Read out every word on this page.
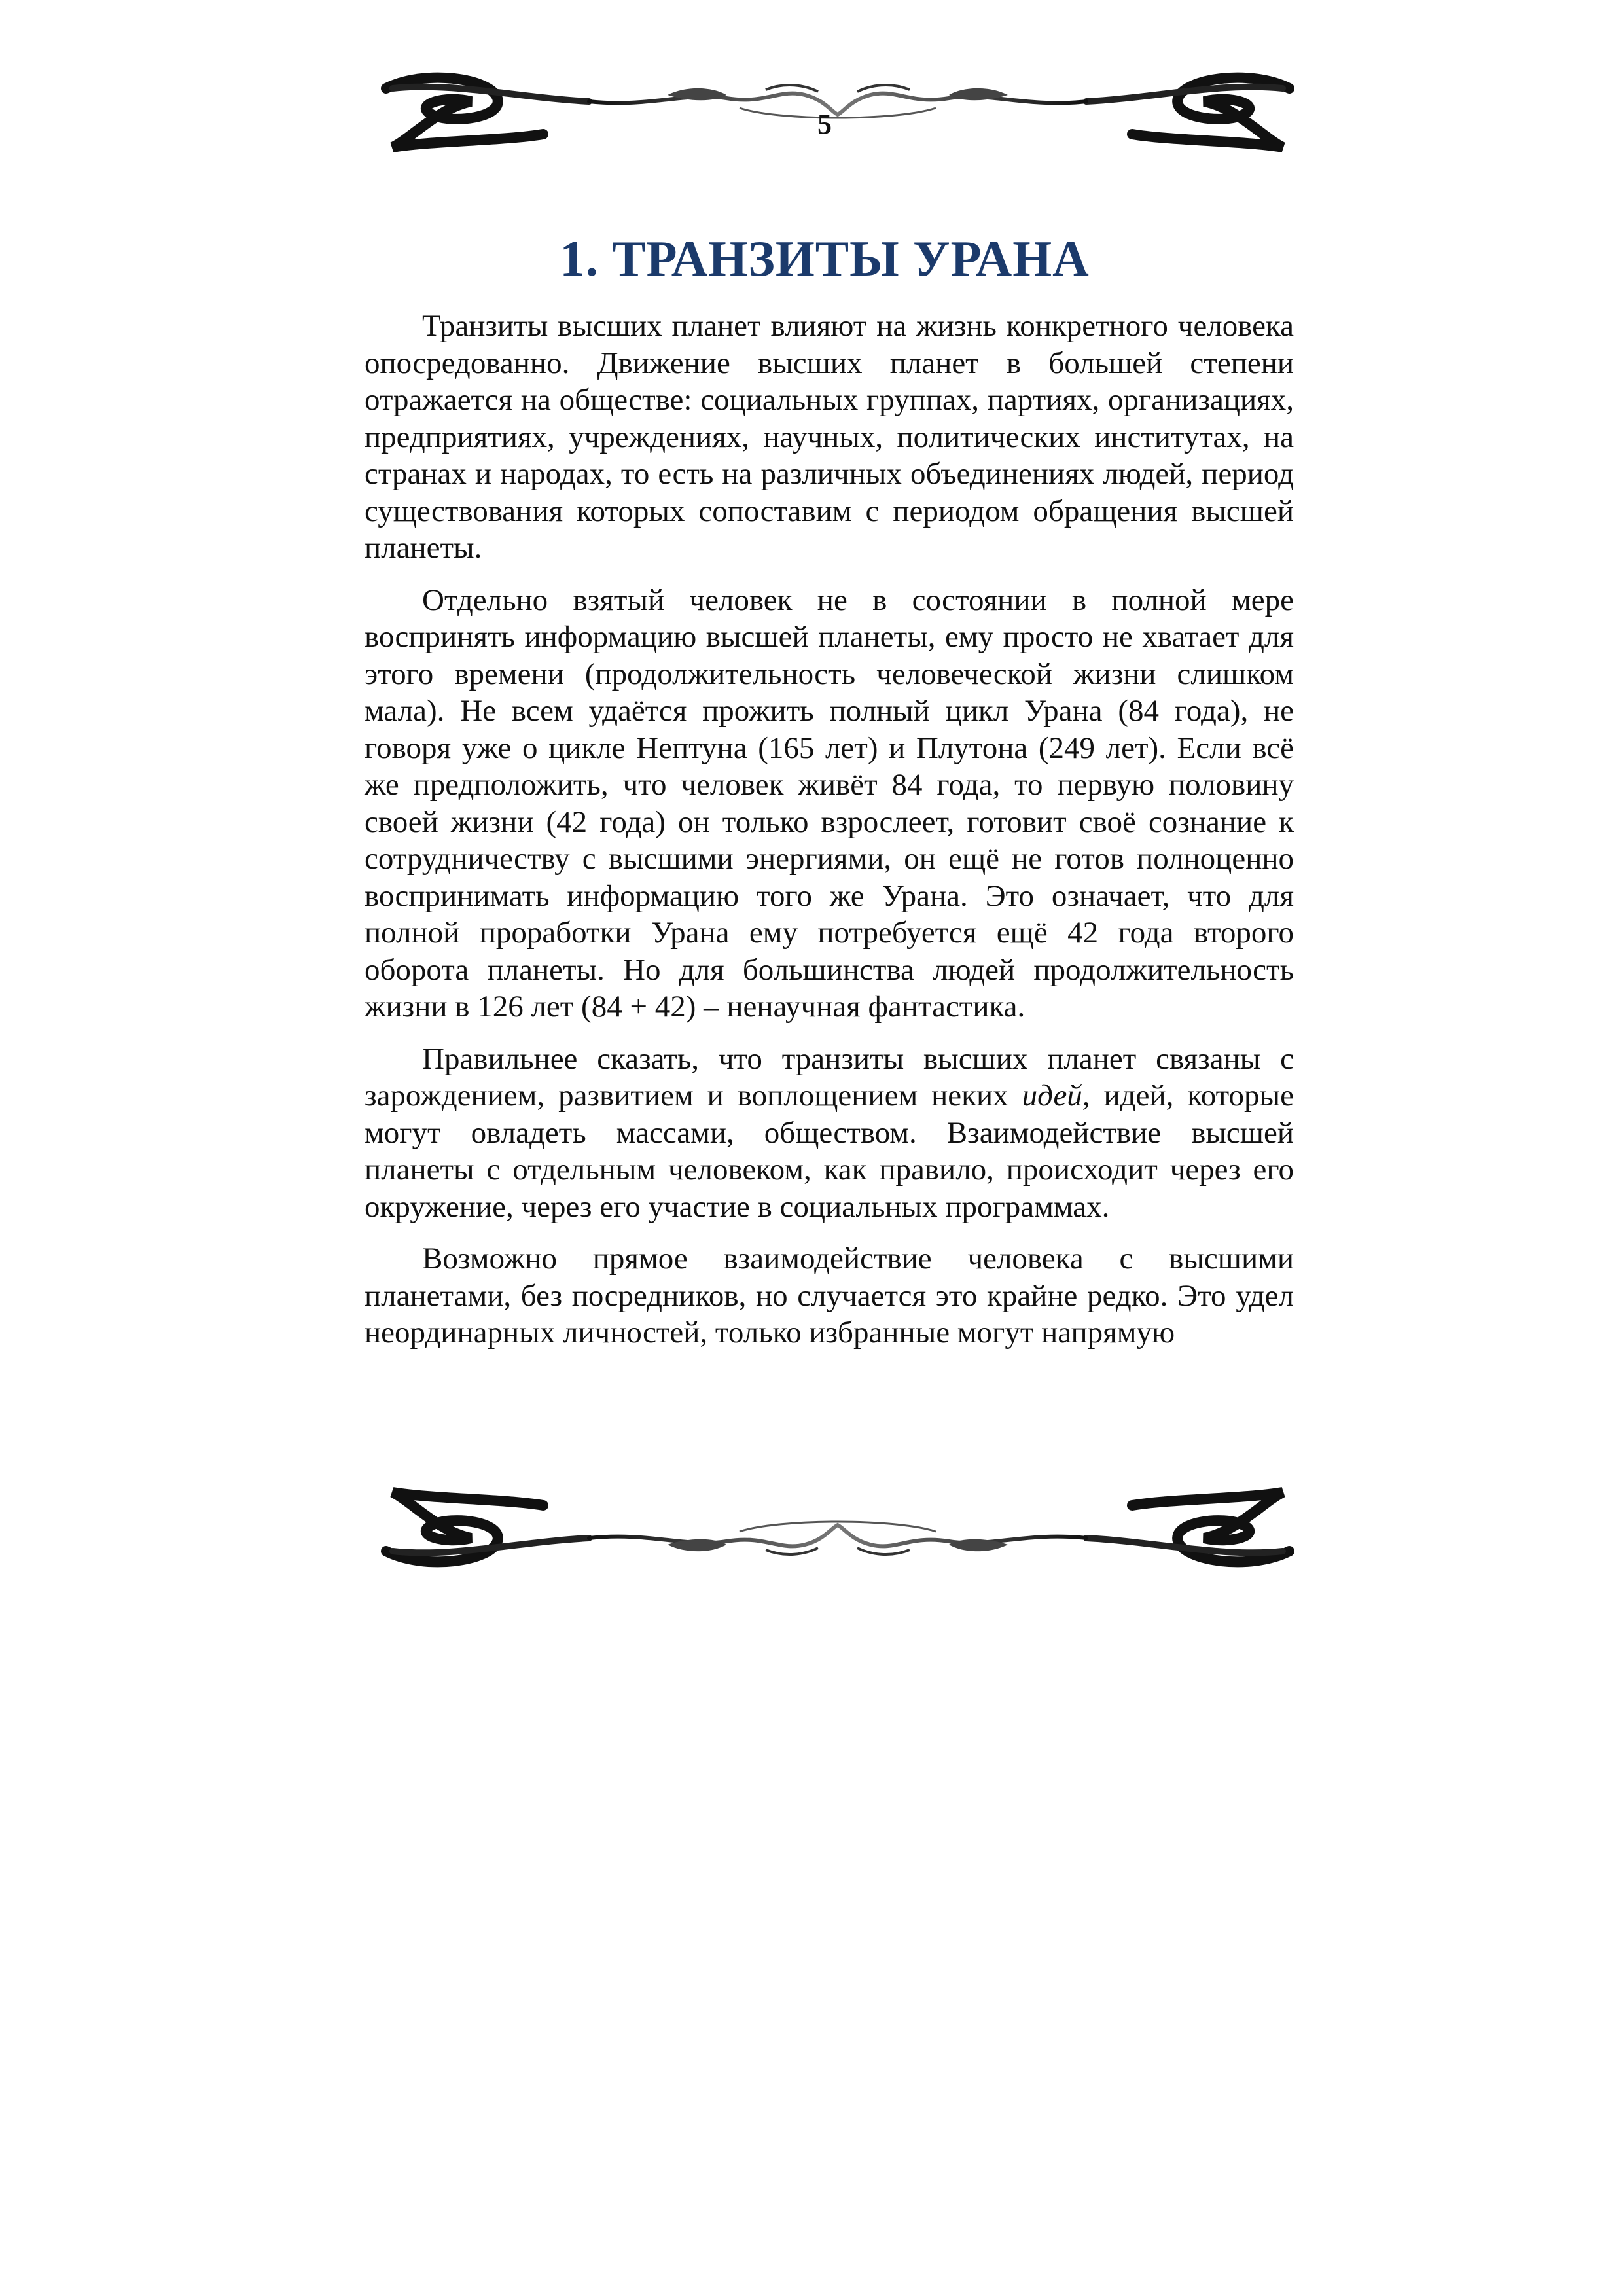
5
1. ТРАНЗИТЫ УРАНА

Транзиты высших планет влияют на жизнь конкретного человека опосредованно. Движение высших планет в большей степени отражается на обществе: социальных группах, партиях, организациях, предприятиях, учреждениях, научных, политических институтах, на странах и народах, то есть на различных объединениях людей, период существования которых сопоставим с периодом обращения высшей планеты.

Отдельно взятый человек не в состоянии в полной мере воспринять информацию высшей планеты, ему просто не хватает для этого времени (продолжительность человеческой жизни слишком мала). Не всем удаётся прожить полный цикл Урана (84 года), не говоря уже о цикле Нептуна (165 лет) и Плутона (249 лет). Если всё же предположить, что человек живёт 84 года, то первую половину своей жизни (42 года) он только взрослеет, готовит своё сознание к сотрудничеству с высшими энергиями, он ещё не готов полноценно воспринимать информацию того же Урана. Это означает, что для полной проработки Урана ему потребуется ещё 42 года второго оборота планеты. Но для большинства людей продолжительность жизни в 126 лет (84 + 42) – ненаучная фантастика.

Правильнее сказать, что транзиты высших планет связаны с зарождением, развитием и воплощением неких идей, идей, которые могут овладеть массами, обществом. Взаимодействие высшей планеты с отдельным человеком, как правило, происходит через его окружение, через его участие в социальных программах.

Возможно прямое взаимодействие человека с высшими планетами, без посредников, но случается это крайне редко. Это удел неординарных личностей, только избранные могут напрямую
